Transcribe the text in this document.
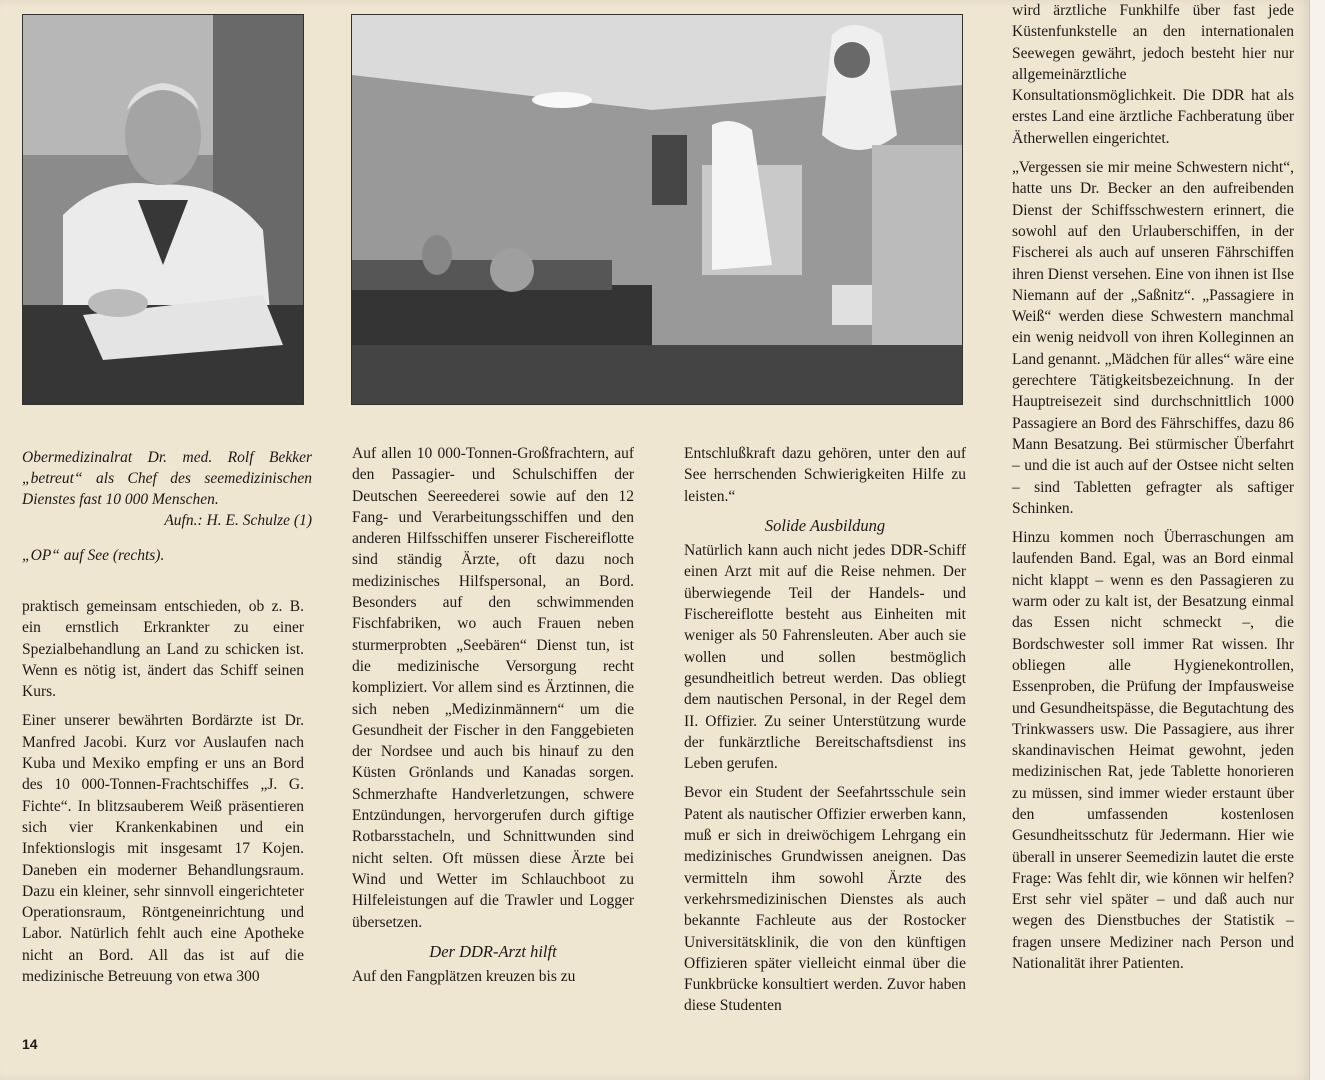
Obermedizinalrat Dr. med. Rolf Bekker „betreut“ als Chef des seemedizinischen Dienstes fast 10 000 Menschen.

Aufn.: H. E. Schulze (1)

„OP“ auf See (rechts).

praktisch gemeinsam entschieden, ob z. B. ein ernstlich Erkrankter zu einer Spezialbehandlung an Land zu schicken ist. Wenn es nötig ist, ändert das Schiff seinen Kurs.

Einer unserer bewährten Bordärzte ist Dr. Manfred Jacobi. Kurz vor Auslaufen nach Kuba und Mexiko empfing er uns an Bord des 10 000-Tonnen-Frachtschiffes „J. G. Fichte“. In blitzsauberem Weiß präsentieren sich vier Krankenkabinen und ein Infektionslogis mit insgesamt 17 Kojen. Daneben ein moderner Behandlungsraum. Dazu ein kleiner, sehr sinnvoll eingerichteter Operationsraum, Röntgeneinrichtung und Labor. Natürlich fehlt auch eine Apotheke nicht an Bord. All das ist auf die medizinische Betreuung von etwa 300

Auf allen 10 000-Tonnen-Großfrachtern, auf den Passagier- und Schulschiffen der Deutschen Seereederei sowie auf den 12 Fang- und Verarbeitungsschiffen und den anderen Hilfsschiffen unserer Fischereiflotte sind ständig Ärzte, oft dazu noch medizinisches Hilfspersonal, an Bord. Besonders auf den schwimmenden Fischfabriken, wo auch Frauen neben sturmerprobten „Seebären“ Dienst tun, ist die medizinische Versorgung recht kompliziert. Vor allem sind es Ärztinnen, die sich neben „Medizinmännern“ um die Gesundheit der Fischer in den Fanggebieten der Nordsee und auch bis hinauf zu den Küsten Grönlands und Kanadas sorgen. Schmerzhafte Handverletzungen, schwere Entzündungen, hervorgerufen durch giftige Rotbarsstacheln, und Schnittwunden sind nicht selten. Oft müssen diese Ärzte bei Wind und Wetter im Schlauchboot zu Hilfeleistungen auf die Trawler und Logger übersetzen.

Der DDR-Arzt hilft

Auf den Fangplätzen kreuzen bis zu

Entschlußkraft dazu gehören, unter den auf See herrschenden Schwierigkeiten Hilfe zu leisten.“

Solide Ausbildung

Natürlich kann auch nicht jedes DDR-Schiff einen Arzt mit auf die Reise nehmen. Der überwiegende Teil der Handels- und Fischereiflotte besteht aus Einheiten mit weniger als 50 Fahrensleuten. Aber auch sie wollen und sollen bestmöglich gesundheitlich betreut werden. Das obliegt dem nautischen Personal, in der Regel dem II. Offizier. Zu seiner Unterstützung wurde der funkärztliche Bereitschaftsdienst ins Leben gerufen.

Bevor ein Student der Seefahrtsschule sein Patent als nautischer Offizier erwerben kann, muß er sich in dreiwöchigem Lehrgang ein medizinisches Grundwissen aneignen. Das vermitteln ihm sowohl Ärzte des verkehrsmedizinischen Dienstes als auch bekannte Fachleute aus der Rostocker Universitätsklinik, die von den künftigen Offizieren später vielleicht einmal über die Funkbrücke konsultiert werden. Zuvor haben diese Studenten

wird ärztliche Funkhilfe über fast jede Küstenfunkstelle an den internationalen Seewegen gewährt, jedoch besteht hier nur allgemeinärztliche Konsultationsmöglichkeit. Die DDR hat als erstes Land eine ärztliche Fachberatung über Ätherwellen eingerichtet.

„Vergessen sie mir meine Schwestern nicht“, hatte uns Dr. Becker an den aufreibenden Dienst der Schiffsschwestern erinnert, die sowohl auf den Urlauberschiffen, in der Fischerei als auch auf unseren Fährschiffen ihren Dienst versehen. Eine von ihnen ist Ilse Niemann auf der „Saßnitz“. „Passagiere in Weiß“ werden diese Schwestern manchmal ein wenig neidvoll von ihren Kolleginnen an Land genannt. „Mädchen für alles“ wäre eine gerechtere Tätigkeitsbezeichnung. In der Hauptreisezeit sind durchschnittlich 1000 Passagiere an Bord des Fährschiffes, dazu 86 Mann Besatzung. Bei stürmischer Überfahrt – und die ist auch auf der Ostsee nicht selten – sind Tabletten gefragter als saftiger Schinken.

Hinzu kommen noch Überraschungen am laufenden Band. Egal, was an Bord einmal nicht klappt – wenn es den Passagieren zu warm oder zu kalt ist, der Besatzung einmal das Essen nicht schmeckt –, die Bordschwester soll immer Rat wissen. Ihr obliegen alle Hygienekontrollen, Essenproben, die Prüfung der Impfausweise und Gesundheitspässe, die Begutachtung des Trinkwassers usw. Die Passagiere, aus ihrer skandinavischen Heimat gewohnt, jeden medizinischen Rat, jede Tablette honorieren zu müssen, sind immer wieder erstaunt über den umfassenden kostenlosen Gesundheitsschutz für Jedermann. Hier wie überall in unserer Seemedizin lautet die erste Frage: Was fehlt dir, wie können wir helfen? Erst sehr viel später – und daß auch nur wegen des Dienstbuches der Statistik – fragen unsere Mediziner nach Person und Nationalität ihrer Patienten.

14
